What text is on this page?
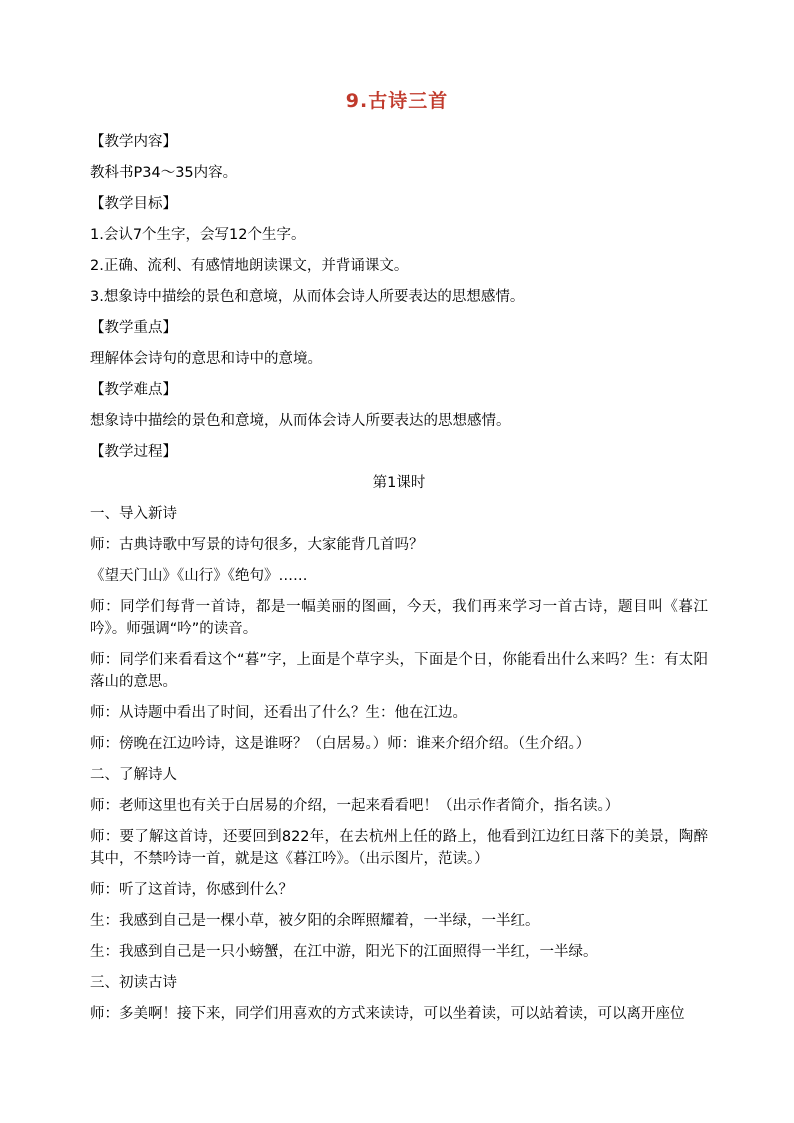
9.古诗三首

【教学内容】

教科书P34～35内容。

【教学目标】

1.会认7个生字，会写12个生字。

2.正确、流利、有感情地朗读课文，并背诵课文。

3.想象诗中描绘的景色和意境，从而体会诗人所要表达的思想感情。

【教学重点】

理解体会诗句的意思和诗中的意境。

【教学难点】

想象诗中描绘的景色和意境，从而体会诗人所要表达的思想感情。

【教学过程】

第1课时

一、导入新诗

师：古典诗歌中写景的诗句很多，大家能背几首吗？

《望天门山》《山行》《绝句》……

师：同学们每背一首诗，都是一幅美丽的图画，今天，我们再来学习一首古诗，题目叫《暮江吟》。师强调“吟”的读音。

师：同学们来看看这个“暮”字，上面是个草字头，下面是个日，你能看出什么来吗？生：有太阳落山的意思。

师：从诗题中看出了时间，还看出了什么？生：他在江边。

师：傍晚在江边吟诗，这是谁呀？（白居易。）师：谁来介绍介绍。（生介绍。）

二、了解诗人

师：老师这里也有关于白居易的介绍，一起来看看吧！（出示作者简介，指名读。）

师：要了解这首诗，还要回到822年，在去杭州上任的路上，他看到江边红日落下的美景，陶醉其中，不禁吟诗一首，就是这《暮江吟》。（出示图片，范读。）

师：听了这首诗，你感到什么？

生：我感到自己是一棵小草，被夕阳的余晖照耀着，一半绿，一半红。

生：我感到自己是一只小螃蟹，在江中游，阳光下的江面照得一半红，一半绿。

三、初读古诗

师：多美啊！接下来，同学们用喜欢的方式来读诗，可以坐着读，可以站着读，可以离开座位
